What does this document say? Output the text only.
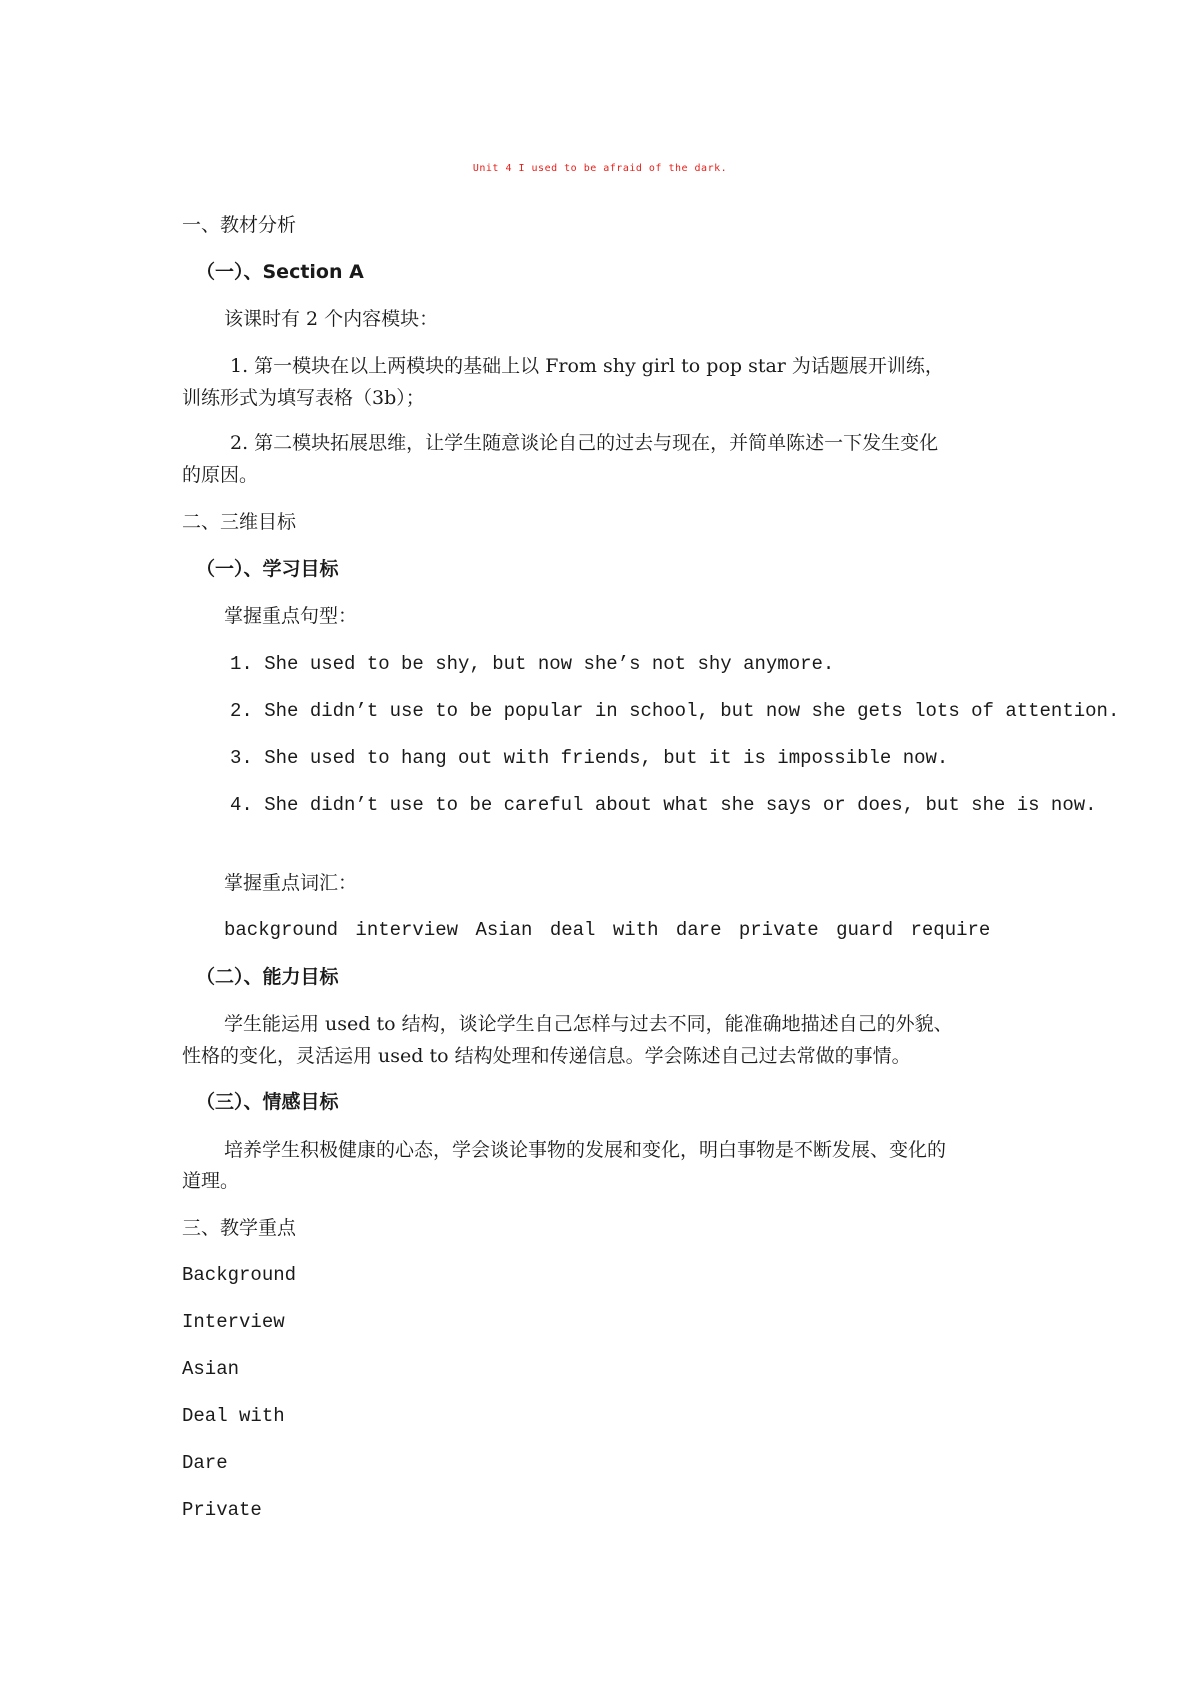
Unit 4 I used to be afraid of the dark.
一、教材分析
（一）、Section A
该课时有 2 个内容模块：
1. 第一模块在以上两模块的基础上以 From shy girl to pop star 为话题展开训练，
训练形式为填写表格（3b）；
2. 第二模块拓展思维，让学生随意谈论自己的过去与现在，并简单陈述一下发生变化
的原因。
二、三维目标
（一）、学习目标
掌握重点句型：
1. She used to be shy, but now she’s not shy anymore.
2. She didn’t use to be popular in school, but now she gets lots of attention.
3. She used to hang out with friends, but it is impossible now.
4. She didn’t use to be careful about what she says or does, but she is now.
掌握重点词汇：
background interview Asian deal with dare private guard require
（二）、能力目标
学生能运用 used to 结构，谈论学生自己怎样与过去不同，能准确地描述自己的外貌、
性格的变化，灵活运用 used to 结构处理和传递信息。学会陈述自己过去常做的事情。
（三）、情感目标
培养学生积极健康的心态，学会谈论事物的发展和变化，明白事物是不断发展、变化的
道理。
三、教学重点
Background
Interview
Asian
Deal with
Dare
Private
